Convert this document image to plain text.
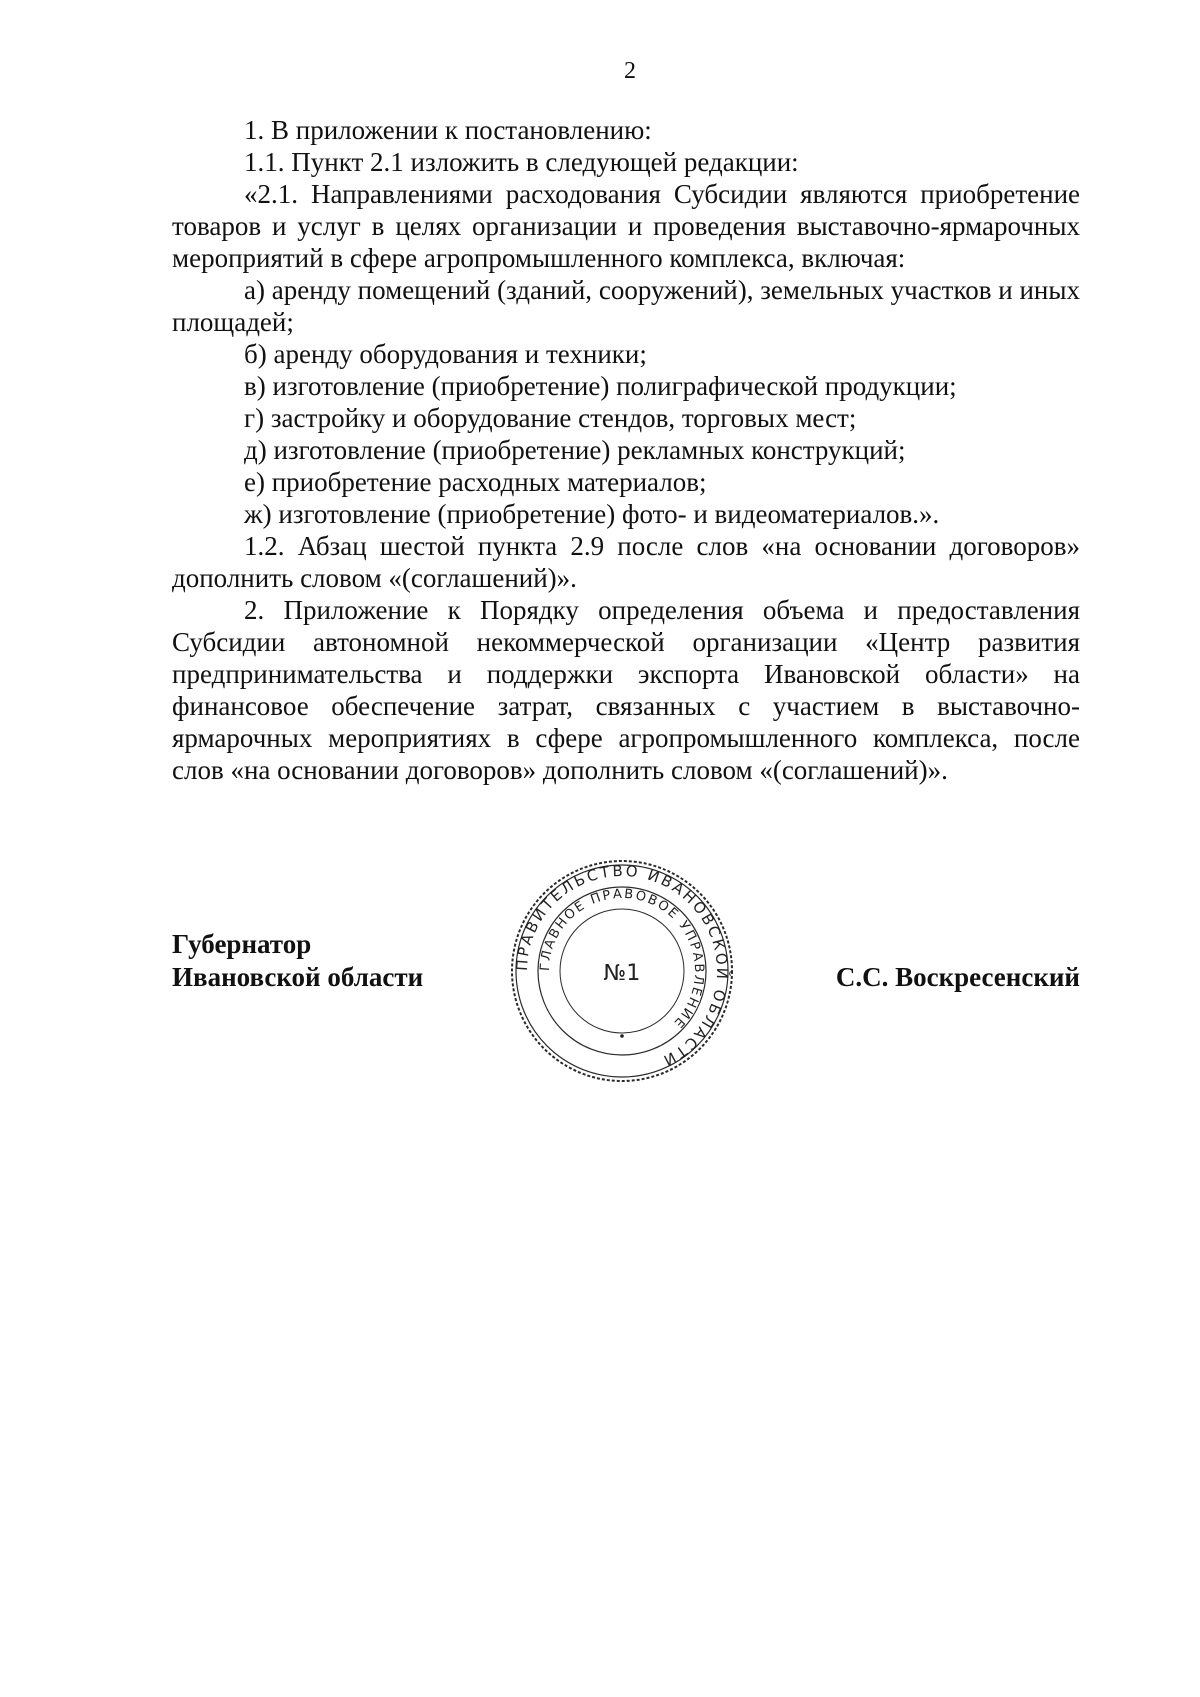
2

1. В приложении к постановлению:

1.1. Пункт 2.1 изложить в следующей редакции:

«2.1. Направлениями расходования Субсидии являются приобретение товаров и услуг в целях организации и проведения выставочно-ярмарочных мероприятий в сфере агропромышленного комплекса, включая:

а) аренду помещений (зданий, сооружений), земельных участков и иных площадей;

б) аренду оборудования и техники;

в) изготовление (приобретение) полиграфической продукции;

г) застройку и оборудование стендов, торговых мест;

д) изготовление (приобретение) рекламных конструкций;

е) приобретение расходных материалов;

ж) изготовление (приобретение) фото- и видеоматериалов.».

1.2. Абзац шестой пункта 2.9 после слов «на основании договоров» дополнить словом «(соглашений)».

2. Приложение к Порядку определения объема и предоставления Субсидии автономной некоммерческой организации «Центр развития предпринимательства и поддержки экспорта Ивановской области» на финансовое обеспечение затрат, связанных с участием в выставочно-ярмарочных мероприятиях в сфере агропромышленного комплекса, после слов «на основании договоров» дополнить словом «(соглашений)».

Губернатор
Ивановской области	С.С. Воскресенский
ПРАВИТЕЛЬСТВО ИВАНОВСКОЙ ОБЛАСТИ
ГЛАВНОЕ ПРАВОВОЕ УПРАВЛЕНИЕ
№1
